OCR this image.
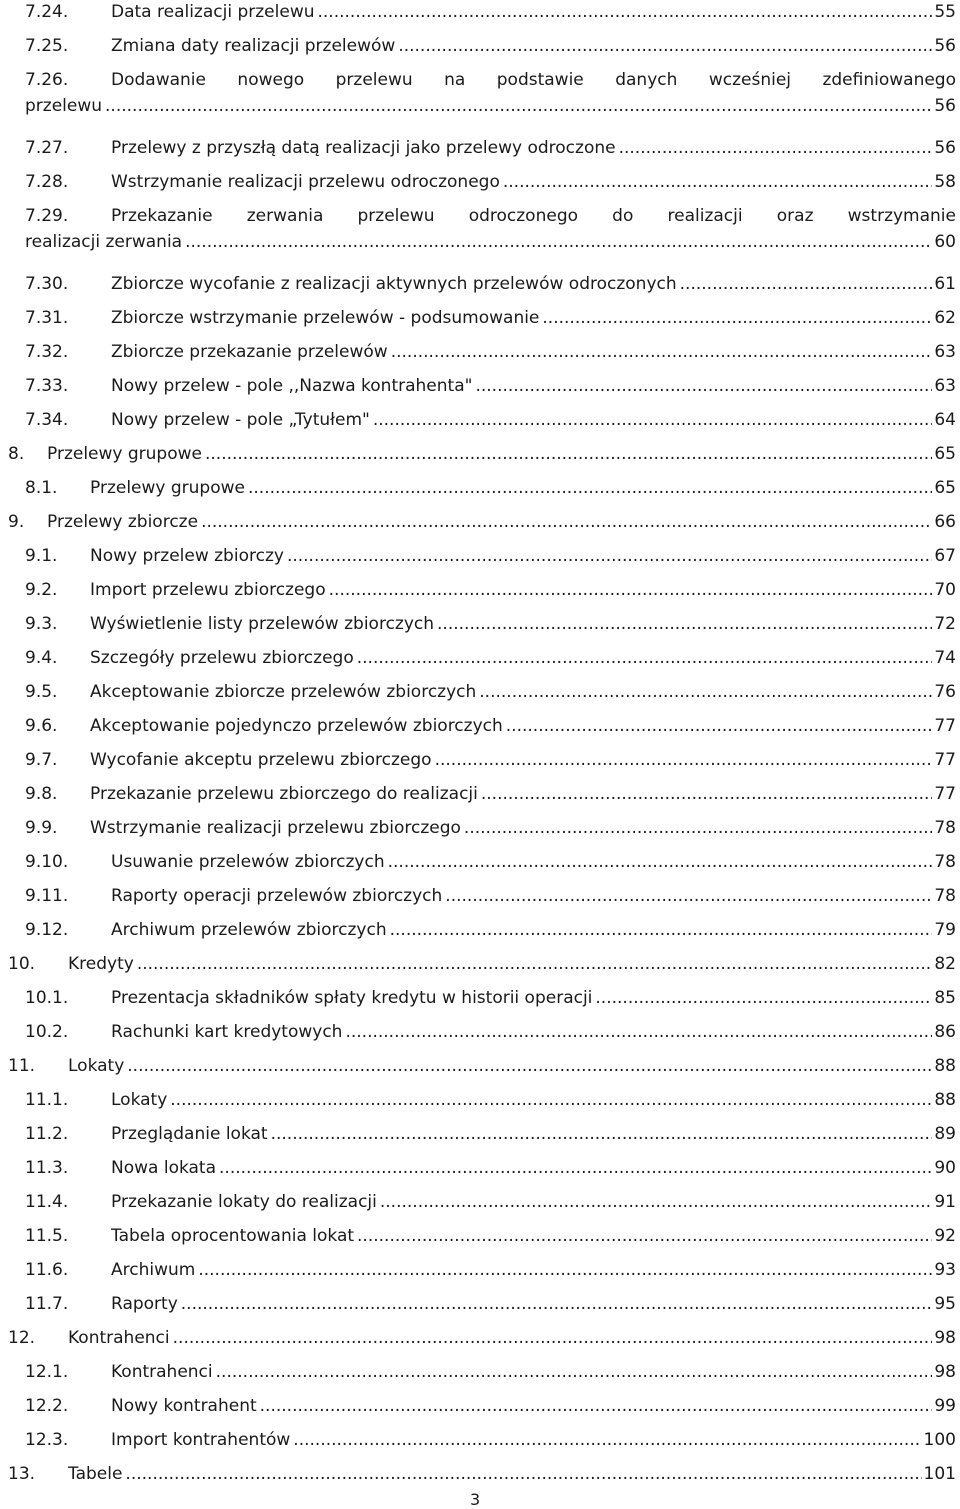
7.24.	Data realizacji przelewu .....	55
7.25.	Zmiana daty realizacji przelewów .....	56
7.26.	Dodawanie nowego przelewu na podstawie danych wcześniej zdefiniowanego
przelewu .....	56
7.27.	Przelewy z przyszłą datą realizacji jako przelewy odroczone .....	56
7.28.	Wstrzymanie realizacji przelewu odroczonego .....	58
7.29.	Przekazanie zerwania przelewu odroczonego do realizacji oraz wstrzymanie
realizacji zerwania .....	60
7.30.	Zbiorcze wycofanie z realizacji aktywnych przelewów odroczonych .....	61
7.31.	Zbiorcze wstrzymanie przelewów - podsumowanie .....	62
7.32.	Zbiorcze przekazanie przelewów .....	63
7.33.	Nowy przelew - pole ,,Nazwa kontrahenta" .....	63
7.34.	Nowy przelew - pole „Tytułem" .....	64
8. Przelewy grupowe .....	65
8.1. Przelewy grupowe .....	65
9. Przelewy zbiorcze .....	66
9.1. Nowy przelew zbiorczy .....	67
9.2. Import przelewu zbiorczego .....	70
9.3. Wyświetlenie listy przelewów zbiorczych .....	72
9.4. Szczegóły przelewu zbiorczego .....	74
9.5. Akceptowanie zbiorcze przelewów zbiorczych .....	76
9.6. Akceptowanie pojedynczo przelewów zbiorczych .....	77
9.7. Wycofanie akceptu przelewu zbiorczego .....	77
9.8. Przekazanie przelewu zbiorczego do realizacji .....	77
9.9. Wstrzymanie realizacji przelewu zbiorczego .....	78
9.10.	Usuwanie przelewów zbiorczych .....	78
9.11.	Raporty operacji przelewów zbiorczych .....	78
9.12.	Archiwum przelewów zbiorczych .....	79
10. Kredyty .....	82
10.1.	Prezentacja składników spłaty kredytu w historii operacji .....	85
10.2.	Rachunki kart kredytowych .....	86
11. Lokaty .....	88
11.1.	Lokaty .....	88
11.2.	Przeglądanie lokat .....	89
11.3.	Nowa lokata .....	90
11.4.	Przekazanie lokaty do realizacji .....	91
11.5.	Tabela oprocentowania lokat .....	92
11.6.	Archiwum .....	93
11.7.	Raporty .....	95
12. Kontrahenci .....	98
12.1.	Kontrahenci .....	98
12.2.	Nowy kontrahent .....	99
12.3.	Import kontrahentów .....	100
13. Tabele .....	101
3
